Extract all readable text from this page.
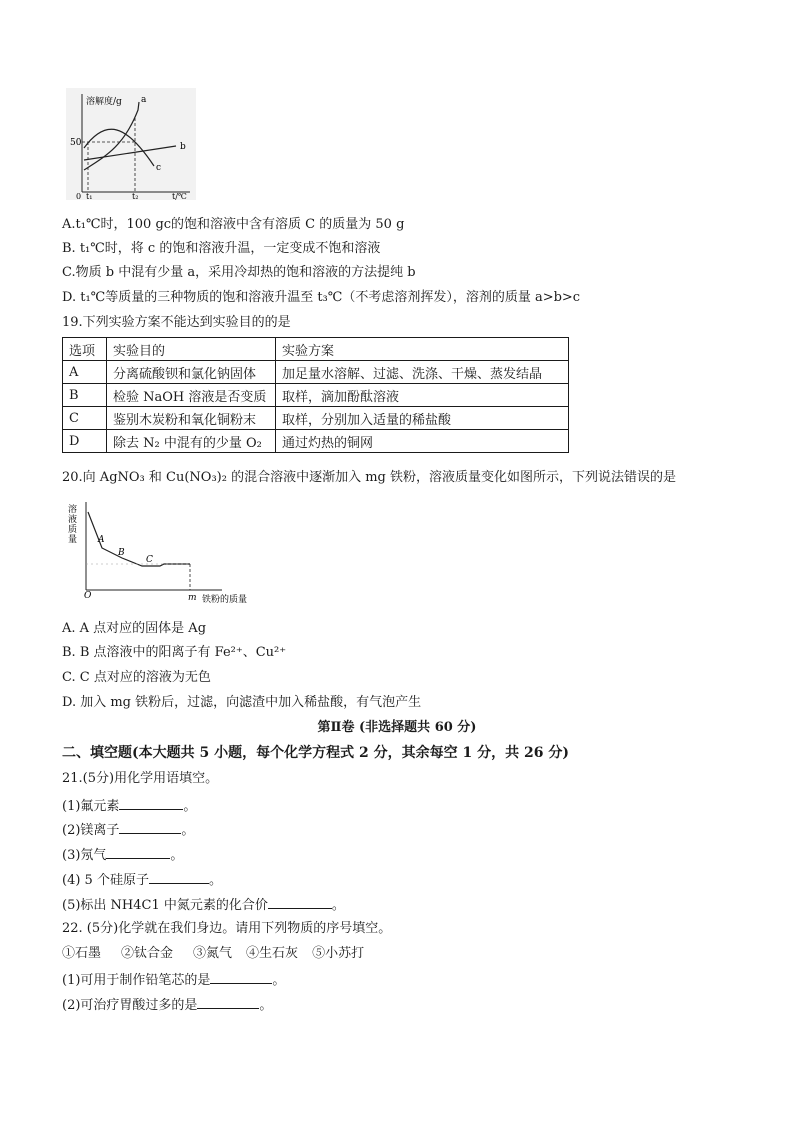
溶解度/g
50
0 t₁	t₂	t/℃
a
b
c
A.t₁℃时，100 gc的饱和溶液中含有溶质 C 的质量为 50 g
B. t₁℃时，将 c 的饱和溶液升温，一定变成不饱和溶液
C.物质 b 中混有少量 a，采用冷却热的饱和溶液的方法提纯 b
D. t₁℃等质量的三种物质的饱和溶液升温至 t₃℃（不考虑溶剂挥发），溶剂的质量 a>b>c
19.下列实验方案不能达到实验目的的是
选项	实验目的	实验方案
A	分离硫酸钡和氯化钠固体	加足量水溶解、过滤、洗涤、干燥、蒸发结晶
B	检验 NaOH 溶液是否变质	取样，滴加酚酞溶液
C	鉴别木炭粉和氧化铜粉末	取样，分别加入适量的稀盐酸
D	除去 N₂ 中混有的少量 O₂	通过灼热的铜网
20.向 AgNO₃ 和 Cu(NO₃)₂ 的混合溶液中逐渐加入 mg 铁粉，溶液质量变化如图所示，下列说法错误的是
溶
液
质
量 A
B
C
O	m 铁粉的质量
A. A 点对应的固体是 Ag
B. B 点溶液中的阳离子有 Fe²⁺、Cu²⁺
C. C 点对应的溶液为无色
D. 加入 mg 铁粉后，过滤，向滤渣中加入稀盐酸，有气泡产生
第Ⅱ卷 (非选择题共 60 分)
二、填空题(本大题共 5 小题，每个化学方程式 2 分，其余每空 1 分，共 26 分)
21.(5分)用化学用语填空。
(1)氟元素	。
(2)镁离子	。
(3)氖气	。
(4) 5 个硅原子	。
(5)标出 NH4C1 中氮元素的化合价	。
22. (5分)化学就在我们身边。请用下列物质的序号填空。
①石墨 ②钛合金 ③氮气 ④生石灰 ⑤小苏打
(1)可用于制作铅笔芯的是	。
(2)可治疗胃酸过多的是	。
